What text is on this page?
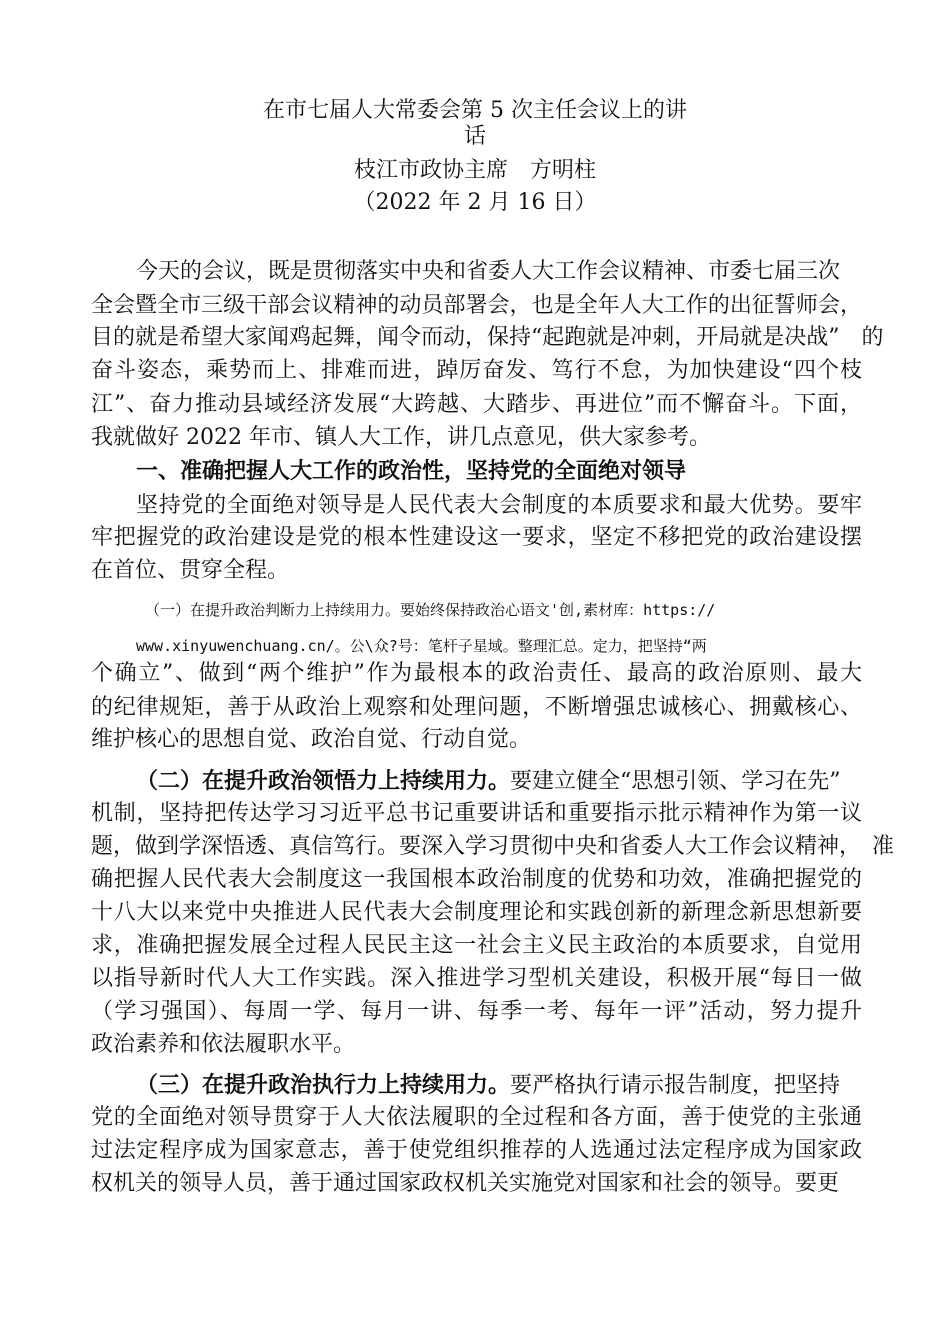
在市七届人大常委会第 5 次主任会议上的讲
话
枝江市政协主席　方明柱
（2022 年 2 月 16 日）
今天的会议，既是贯彻落实中央和省委人大工作会议精神、市委七届三次
全会暨全市三级干部会议精神的动员部署会，也是全年人大工作的出征誓师会，
目的就是希望大家闻鸡起舞，闻令而动，保持“起跑就是冲刺，开局就是决战”　的
奋斗姿态，乘势而上、排难而进，踔厉奋发、笃行不怠，为加快建设“四个枝
江”、奋力推动县域经济发展“大跨越、大踏步、再进位”而不懈奋斗。下面，
我就做好 2022 年市、镇人大工作，讲几点意见，供大家参考。
一、准确把握人大工作的政治性，坚持党的全面绝对领导
坚持党的全面绝对领导是人民代表大会制度的本质要求和最大优势。要牢
牢把握党的政治建设是党的根本性建设这一要求，坚定不移把党的政治建设摆
在首位、贯穿全程。
（一）在提升政治判断力上持续用力。要始终保持政治心语文'创,素材库：https://
www.xinyuwenchuang.cn/。公\众?号：笔杆子星域。整理汇总。定力，把坚持“两
个确立”、做到“两个维护”作为最根本的政治责任、最高的政治原则、最大
的纪律规矩，善于从政治上观察和处理问题，不断增强忠诚核心、拥戴核心、
维护核心的思想自觉、政治自觉、行动自觉。
（二）在提升政治领悟力上持续用力。要建立健全“思想引领、学习在先”
机制，坚持把传达学习习近平总书记重要讲话和重要指示批示精神作为第一议
题，做到学深悟透、真信笃行。要深入学习贯彻中央和省委人大工作会议精神，　准
确把握人民代表大会制度这一我国根本政治制度的优势和功效，准确把握党的
十八大以来党中央推进人民代表大会制度理论和实践创新的新理念新思想新要
求，准确把握发展全过程人民民主这一社会主义民主政治的本质要求，自觉用
以指导新时代人大工作实践。深入推进学习型机关建设，积极开展“每日一做
（学习强国）、每周一学、每月一讲、每季一考、每年一评”活动，努力提升
政治素养和依法履职水平。
（三）在提升政治执行力上持续用力。要严格执行请示报告制度，把坚持
党的全面绝对领导贯穿于人大依法履职的全过程和各方面，善于使党的主张通
过法定程序成为国家意志，善于使党组织推荐的人选通过法定程序成为国家政
权机关的领导人员，善于通过国家政权机关实施党对国家和社会的领导。要更
